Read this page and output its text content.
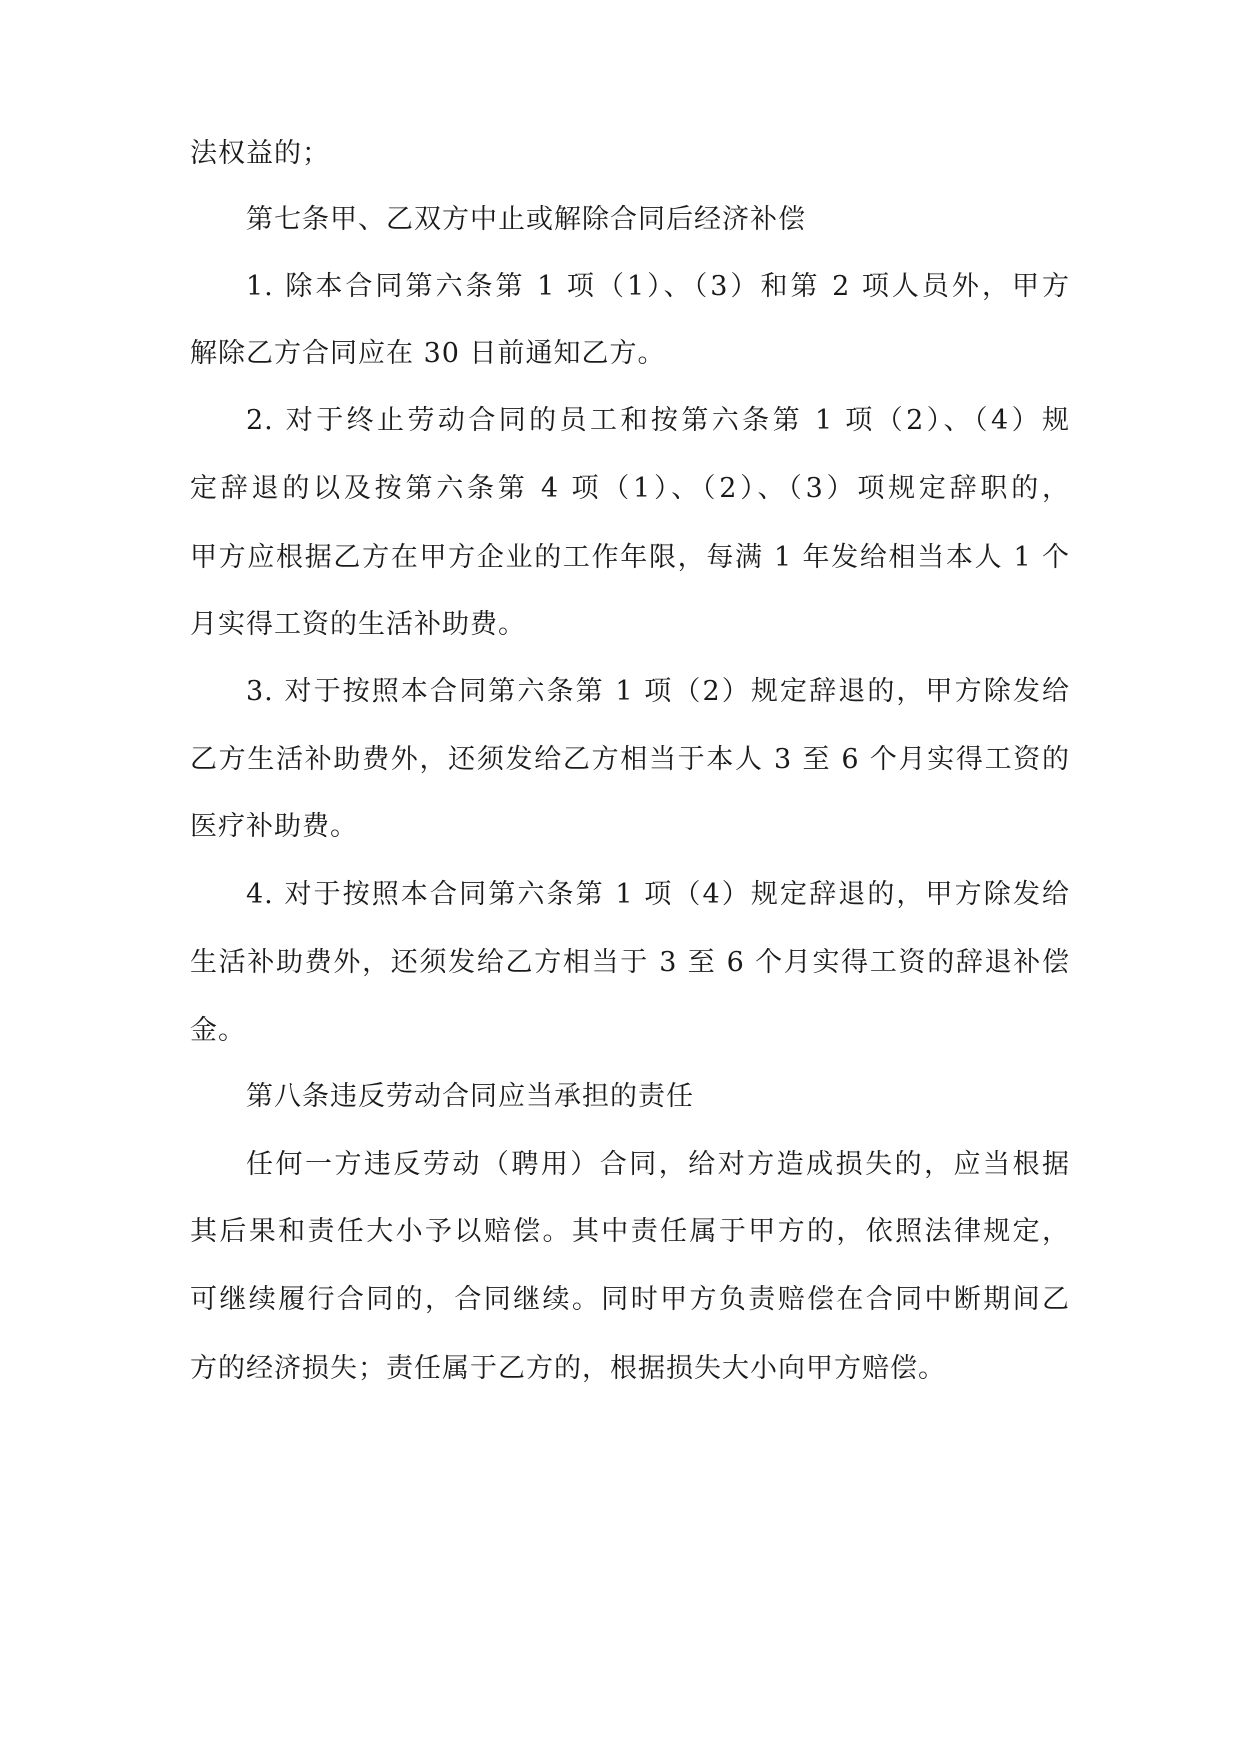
法权益的；
第七条甲、乙双方中止或解除合同后经济补偿
1. 除本合同第六条第 1 项（1）、（3）和第 2 项人员外，甲方
解除乙方合同应在 30 日前通知乙方。
2. 对于终止劳动合同的员工和按第六条第 1 项（2）、（4）规
定辞退的以及按第六条第 4 项（1）、（2）、（3）项规定辞职的，
甲方应根据乙方在甲方企业的工作年限，每满 1 年发给相当本人 1 个
月实得工资的生活补助费。
3. 对于按照本合同第六条第 1 项（2）规定辞退的，甲方除发给
乙方生活补助费外，还须发给乙方相当于本人 3 至 6 个月实得工资的
医疗补助费。
4. 对于按照本合同第六条第 1 项（4）规定辞退的，甲方除发给
生活补助费外，还须发给乙方相当于 3 至 6 个月实得工资的辞退补偿
金。
第八条违反劳动合同应当承担的责任
任何一方违反劳动（聘用）合同，给对方造成损失的，应当根据
其后果和责任大小予以赔偿。其中责任属于甲方的，依照法律规定，
可继续履行合同的，合同继续。同时甲方负责赔偿在合同中断期间乙
方的经济损失；责任属于乙方的，根据损失大小向甲方赔偿。
